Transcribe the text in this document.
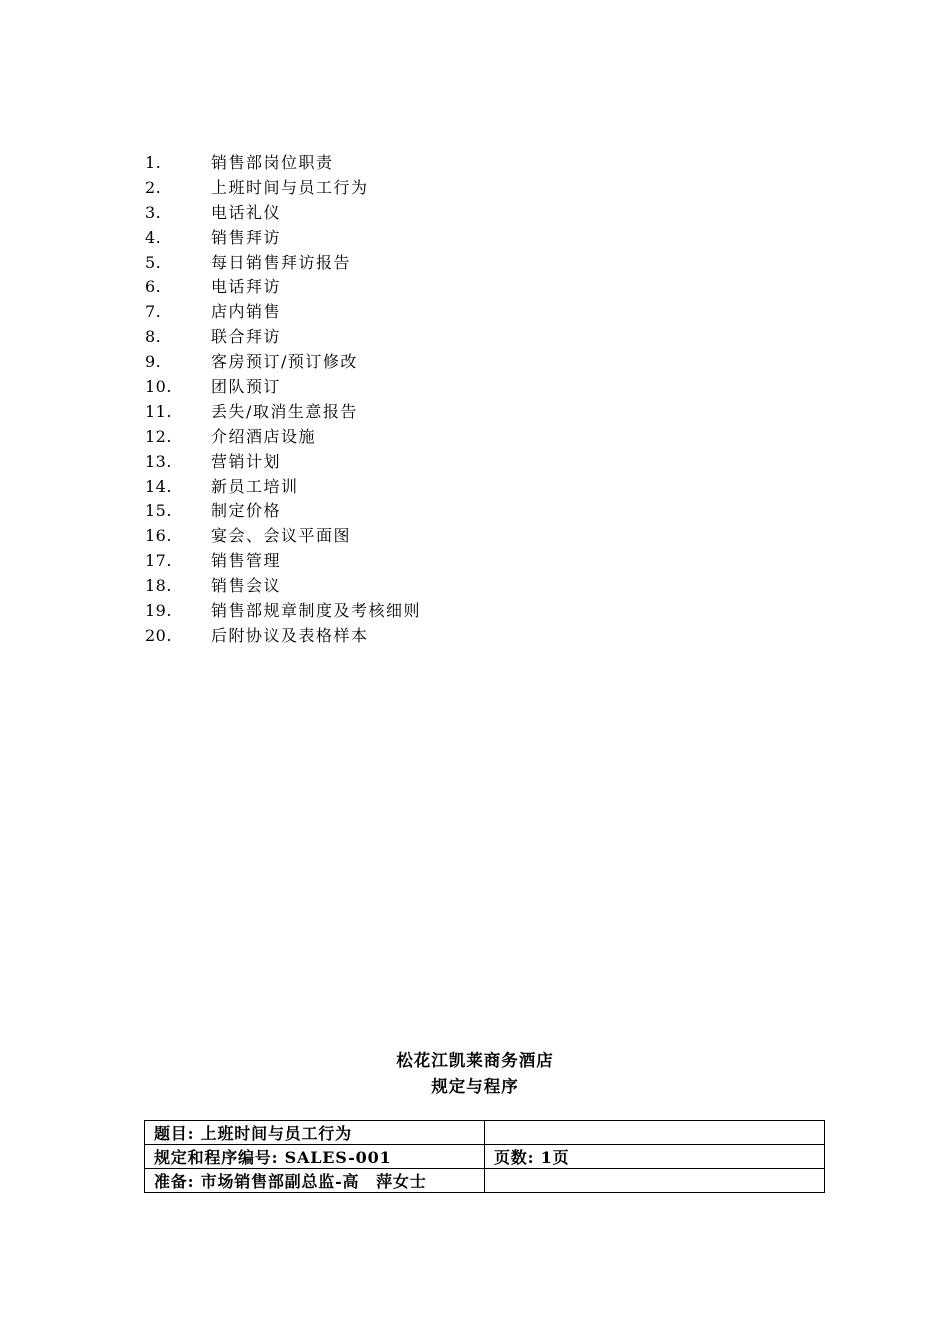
1.	销售部岗位职责
2.	上班时间与员工行为
3.	电话礼仪
4.	销售拜访
5.	每日销售拜访报告
6.	电话拜访
7.	店内销售
8.	联合拜访
9.	客房预订/预订修改
10.	团队预订
11.	丢失/取消生意报告
12.	介绍酒店设施
13.	营销计划
14.	新员工培训
15.	制定价格
16.	宴会、会议平面图
17.	销售管理
18.	销售会议
19.	销售部规章制度及考核细则
20.	后附协议及表格样本
松花江凯莱商务酒店
规定与程序
题目: 上班时间与员工行为	
规定和程序编号: SALES-001	页数: 1页
准备: 市场销售部副总监-高　萍女士	
